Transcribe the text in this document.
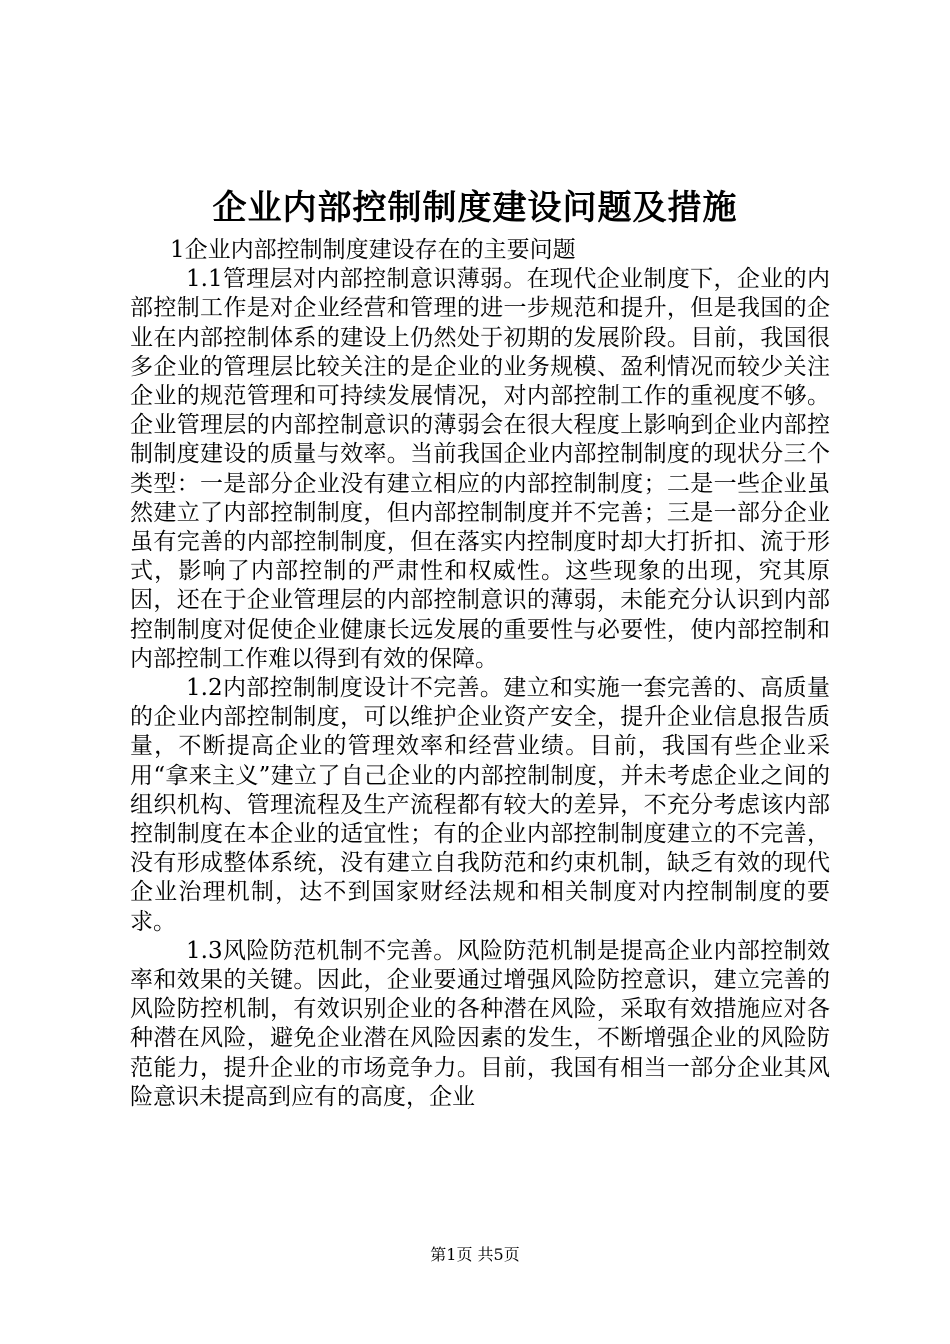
企业内部控制制度建设问题及措施

1企业内部控制制度建设存在的主要问题

1.1管理层对内部控制意识薄弱。在现代企业制度下，企业的内部控制工作是对企业经营和管理的进一步规范和提升，但是我国的企业在内部控制体系的建设上仍然处于初期的发展阶段。目前，我国很多企业的管理层比较关注的是企业的业务规模、盈利情况而较少关注企业的规范管理和可持续发展情况，对内部控制工作的重视度不够。企业管理层的内部控制意识的薄弱会在很大程度上影响到企业内部控制制度建设的质量与效率。当前我国企业内部控制制度的现状分三个类型：一是部分企业没有建立相应的内部控制制度；二是一些企业虽然建立了内部控制制度，但内部控制制度并不完善；三是一部分企业虽有完善的内部控制制度，但在落实内控制度时却大打折扣、流于形式，影响了内部控制的严肃性和权威性。这些现象的出现，究其原因，还在于企业管理层的内部控制意识的薄弱，未能充分认识到内部控制制度对促使企业健康长远发展的重要性与必要性，使内部控制和内部控制工作难以得到有效的保障。

1.2内部控制制度设计不完善。建立和实施一套完善的、高质量的企业内部控制制度，可以维护企业资产安全，提升企业信息报告质量，不断提高企业的管理效率和经营业绩。目前，我国有些企业采用“拿来主义”建立了自己企业的内部控制制度，并未考虑企业之间的组织机构、管理流程及生产流程都有较大的差异，不充分考虑该内部控制制度在本企业的适宜性；有的企业内部控制制度建立的不完善，没有形成整体系统，没有建立自我防范和约束机制，缺乏有效的现代企业治理机制，达不到国家财经法规和相关制度对内控制制度的要求。

1.3风险防范机制不完善。风险防范机制是提高企业内部控制效率和效果的关键。因此，企业要通过增强风险防控意识，建立完善的风险防控机制，有效识别企业的各种潜在风险，采取有效措施应对各种潜在风险，避免企业潜在风险因素的发生，不断增强企业的风险防范能力，提升企业的市场竞争力。目前，我国有相当一部分企业其风险意识未提高到应有的高度，企业

第1页 共5页
